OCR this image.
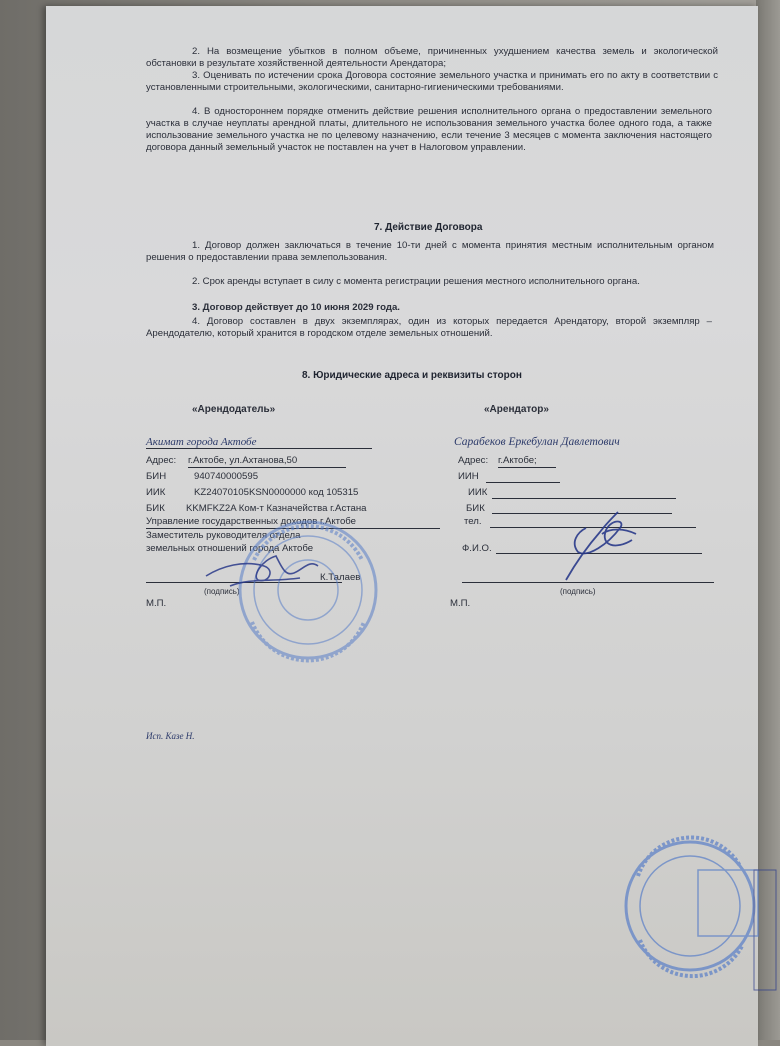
2. На возмещение убытков в полном объеме, причиненных ухудшением качества земель и экологической обстановки в результате хозяйственной деятельности Арендатора;
3. Оценивать по истечении срока Договора состояние земельного участка и принимать его по акту в соответствии с установленными строительными, экологическими, санитарно-гигиеническими требованиями.
4. В одностороннем порядке отменить действие решения исполнительного органа о предоставлении земельного участка в случае неуплаты арендной платы, длительного не использования земельного участка более одного года, а также использование земельного участка не по целевому назначению, если течение 3 месяцев с момента заключения настоящего договора данный земельный участок не поставлен на учет в Налоговом управлении.
7. Действие Договора
1. Договор должен заключаться в течение 10-ти дней с момента принятия местным исполнительным органом решения о предоставлении права землепользования.
2. Срок аренды вступает в силу с момента регистрации решения местного исполнительного органа.
3. Договор действует до 10 июня 2029 года.
4. Договор составлен в двух экземплярах, один из которых передается Арендатору, второй экземпляр – Арендодателю, который хранится в городском отделе земельных отношений.
8. Юридические адреса и реквизиты сторон
«Арендодатель»
Акимат города Актобе
Адрес: г.Актобе, ул.Ахтанова,50
БИН	940740000595
ИИК	KZ24070105KSN0000000 код 105315
БИК KKMFKZ2A Ком-т Казначейства г.Астана
Управление государственных доходов г.Актобе
Заместитель руководителя отдела
земельных отношений города Актобе
К.Талаев
(подпись)
М.П.
«Арендатор»
Сарабеков Еркебулан Давлетович
Адрес: г.Актобе;
ИИН
ИИК
БИК
тел.
Ф.И.О.
(подпись)
М.П.
Исп. Казе Н.
